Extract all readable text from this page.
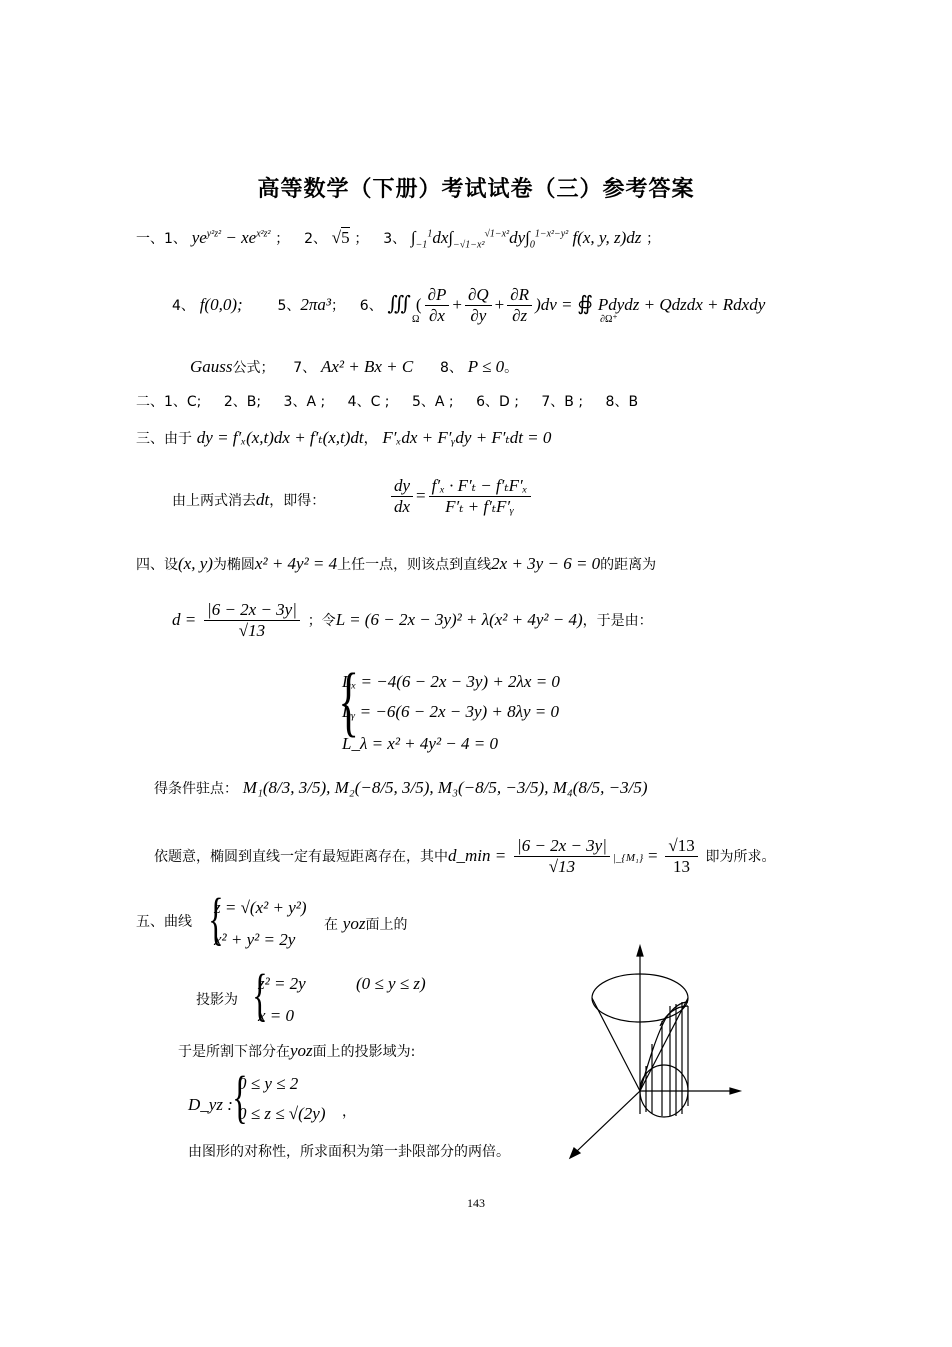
高等数学（下册）考试试卷（三）参考答案
一、1、 $ye^{y^2z^2} - xe^{x^2z^2}$ ； 2、 √5 ； 3、 $\int_{-1}^1dx\int_{-√1-x^2}^{√1-x^2}dy\int_0^{1-x^2-y^2}$ f(x, y, z)dz ；
4、 f(0,0); 5、2πa³； 6、 ∭ ( $\frac{\partial P}{\partial x} + \frac{\partial Q}{\partial y} + \frac{\partial R}{\partial z} )dv$ = ∯ Pdydz + Qdzdx + Rdxdy
Ω	∂Ω⁺
Gauss公式； 7、 Ax² + Bx + C 8、 P ≤ 0。
二、1、C; 2、B; 3、A ; 4、C ; 5、A ; 6、D ; 7、B ; 8、B
三、由于 dy = f′ₓ(x,t)dx + f′ₜ(x,t)dt， F′ₓdx + F′ᵧdy + F′ₜdt = 0
由上两式消去dt，即得：	$\frac{dy}{dx} = \frac{\text{f′ₓ · F′ₜ − f′ₜF′ₓ}}{\text{F′ₜ + f′ₜF′ᵧ}}$
四、设(x, y)为椭圆x² + 4y² = 4上任一点，则该点到直线2x + 3y − 6 = 0的距离为
$d = \frac{|6 - 2x - 3y|}{√13}$ ；令L = (6 − 2x − 3y)² + λ(x² + 4y² − 4)，于是由：
{
Lₓ = −4(6 − 2x − 3y) + 2λx = 0
Lᵧ = −6(6 − 2x − 3y) + 8λy = 0
L_λ = x² + 4y² − 4 = 0
得条件驻点： M₁(8/3, 3/5), M₂(−8/5, 3/5), M₃(−8/5, −3/5), M₄(8/5, −3/5)
依题意，椭圆到直线一定有最短距离存在，其中d_min = $\frac{|6 - 2x - 3y|}{√13}$ |_{M₁} = $\frac{√13}{13}$ 即为所求。
五、曲线 {
z = √(x² + y²)
x² + y² = 2y
在 yoz面上的
投影为 {
z² = 2y	(0 ≤ y ≤ z)
x = 0
于是所割下部分在yoz面上的投影域为:
D_yz : {
0 ≤ y ≤ 2
0 ≤ z ≤ √(2y) ，
由图形的对称性，所求面积为第一卦限部分的两倍。
143
